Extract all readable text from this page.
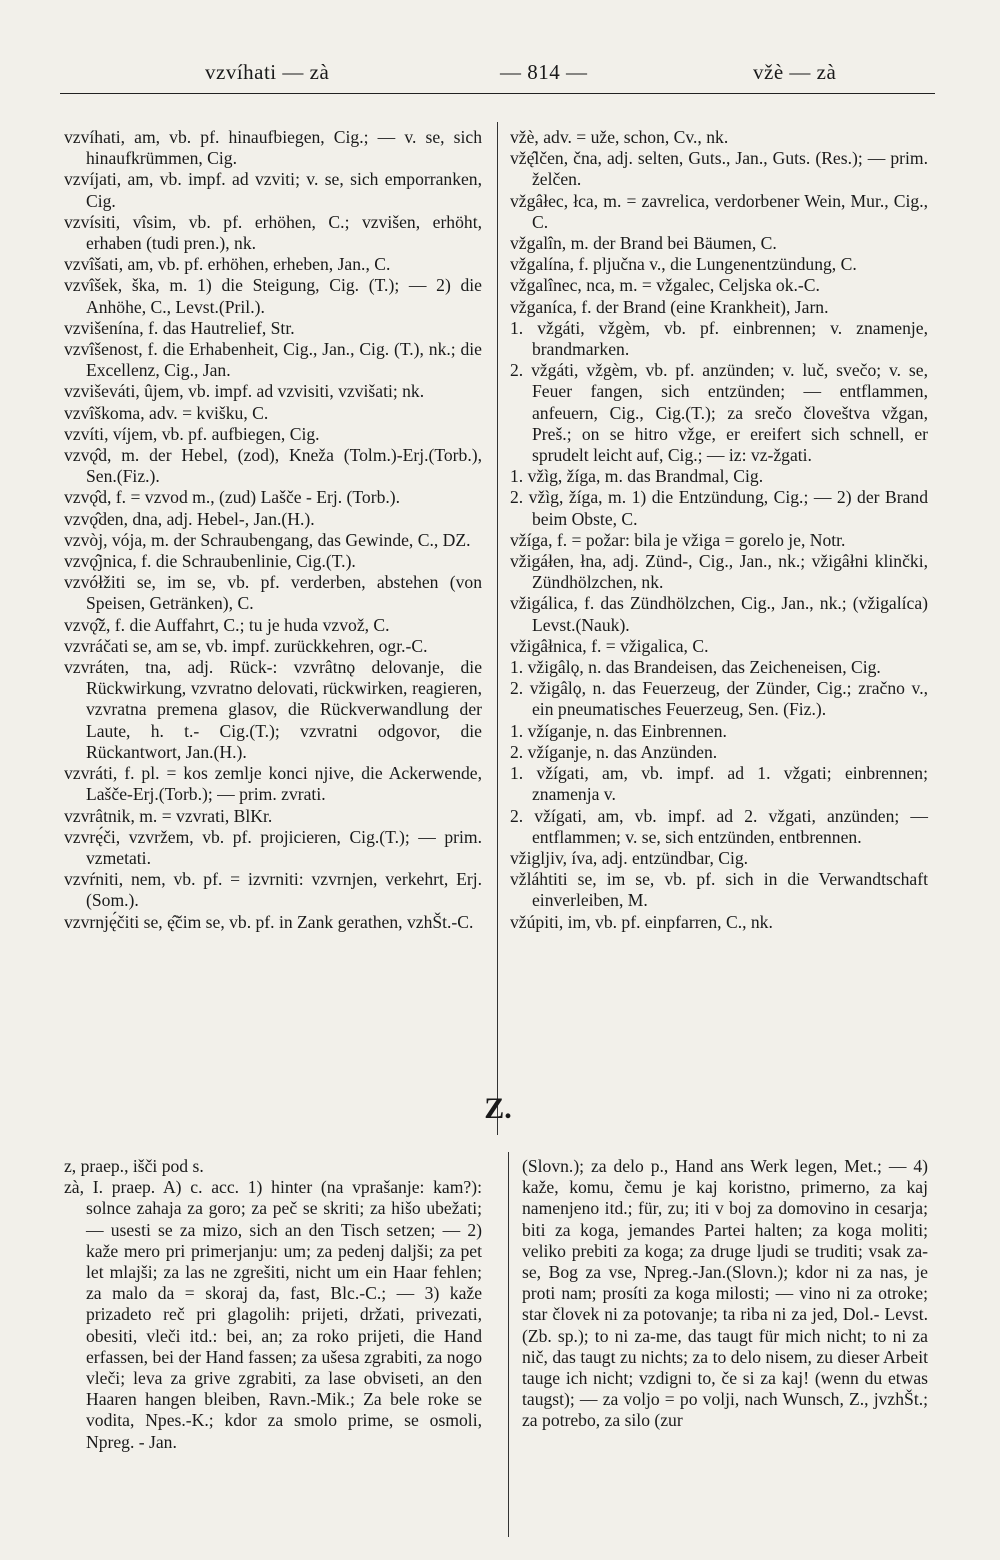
vzvíhati — zà	— 814 —	vžè — zà

vzvíhati, am, vb. pf. hinaufbiegen, Cig.; — v. se, sich hinaufkrümmen, Cig.

vzvíjati, am, vb. impf. ad vzviti; v. se, sich emporranken, Cig.

vzvísiti, vîsim, vb. pf. erhöhen, C.; vzvišen, erhöht, erhaben (tudi pren.), nk.

vzvîšati, am, vb. pf. erhöhen, erheben, Jan., C.

vzvîšek, ška, m. 1) die Steigung, Cig. (T.); — 2) die Anhöhe, C., Levst.(Pril.).

vzvišenína, f. das Hautrelief, Str.

vzvîšenost, f. die Erhabenheit, Cig., Jan., Cig. (T.), nk.; die Excellenz, Cig., Jan.

vzviševáti, ûjem, vb. impf. ad vzvisiti, vzvišati; nk.

vzvîškoma, adv. = kvišku, C.

vzvíti, víjem, vb. pf. aufbiegen, Cig.

vzvǫ̂d, m. der Hebel, (zod), Kneža (Tolm.)-Erj.(Torb.), Sen.(Fiz.).

vzvǫ̂d, f. = vzvod m., (zud) Lašče - Erj. (Torb.).

vzvǫ̂den, dna, adj. Hebel-, Jan.(H.).

vzvòj, vója, m. der Schraubengang, das Gewinde, C., DZ.

vzvǫ̂jnica, f. die Schraubenlinie, Cig.(T.).

vzvółžiti se, im se, vb. pf. verderben, abstehen (von Speisen, Getränken), C.

vzvǫ̂ž, f. die Auffahrt, C.; tu je huda vzvož, C.

vzvráčati se, am se, vb. impf. zurückkehren, ogr.-C.

vzvráten, tna, adj. Rück-: vzvrâtnǫ delovanje, die Rückwirkung, vzvratno delovati, rückwirken, reagieren, vzvratna premena glasov, die Rückverwandlung der Laute, h. t.- Cig.(T.); vzvratni odgovor, die Rückantwort, Jan.(H.).

vzvráti, f. pl. = kos zemlje konci njive, die Ackerwende, Lašče-Erj.(Torb.); — prim. zvrati.

vzvrâtnik, m. = vzvrati, BlKr.

vzvrę́či, vzvržem, vb. pf. projicieren, Cig.(T.); — prim. vzmetati.

vzvŕniti, nem, vb. pf. = izvrniti: vzvrnjen, verkehrt, Erj.(Som.).

vzvrnję́čiti se, ę̂čim se, vb. pf. in Zank gerathen, vzhŠt.-C.

vžè, adv. = uže, schon, Cv., nk.

vžę̂lčen, čna, adj. selten, Guts., Jan., Guts. (Res.); — prim. želčen.

vžgâłec, łca, m. = zavrelica, verdorbener Wein, Mur., Cig., C.

vžgalîn, m. der Brand bei Bäumen, C.

vžgalína, f. pljučna v., die Lungenentzündung, C.

vžgalînec, nca, m. = vžgalec, Celjska ok.-C.

vžganíca, f. der Brand (eine Krankheit), Jarn.

1. vžgáti, vžgèm, vb. pf. einbrennen; v. znamenje, brandmarken.

2. vžgáti, vžgèm, vb. pf. anzünden; v. luč, svečo; v. se, Feuer fangen, sich entzünden; — entflammen, anfeuern, Cig., Cig.(T.); za srečo človeštva vžgan, Preš.; on se hitro vžge, er ereifert sich schnell, er sprudelt leicht auf, Cig.; — iz: vz-žgati.

1. vžìg, žíga, m. das Brandmal, Cig.

2. vžìg, žíga, m. 1) die Entzündung, Cig.; — 2) der Brand beim Obste, C.

vžíga, f. = požar: bila je vžiga = gorelo je, Notr.

vžigáłen, łna, adj. Zünd-, Cig., Jan., nk.; vžigâłni klinčki, Zündhölzchen, nk.

vžigálica, f. das Zündhölzchen, Cig., Jan., nk.; (vžigalíca) Levst.(Nauk).

vžigâłnica, f. = vžigalica, C.

1. vžigâlǫ, n. das Brandeisen, das Zeicheneisen, Cig.

2. vžigâlǫ, n. das Feuerzeug, der Zünder, Cig.; zračno v., ein pneumatisches Feuerzeug, Sen. (Fiz.).

1. vžíganje, n. das Einbrennen.

2. vžíganje, n. das Anzünden.

1. vžígati, am, vb. impf. ad 1. vžgati; einbrennen; znamenja v.

2. vžígati, am, vb. impf. ad 2. vžgati, anzünden; — entflammen; v. se, sich entzünden, entbrennen.

vžigljiv, íva, adj. entzündbar, Cig.

vžláhtiti se, im se, vb. pf. sich in die Verwandtschaft einverleiben, M.

vžúpiti, im, vb. pf. einpfarren, C., nk.

Z.

z, praep., išči pod s.

zà, I. praep. A) c. acc. 1) hinter (na vprašanje: kam?): solnce zahaja za goro; za peč se skriti; za hišo ubežati; — usesti se za mizo, sich an den Tisch setzen; — 2) kaže mero pri primerjanju: um; za pedenj daljši; za pet let mlajši; za las ne zgrešiti, nicht um ein Haar fehlen; za malo da = skoraj da, fast, Blc.-C.; — 3) kaže prizadeto reč pri glagolih: prijeti, držati, privezati, obesiti, vleči itd.: bei, an; za roko prijeti, die Hand erfassen, bei der Hand fassen; za ušesa zgrabiti, za nogo vleči; leva za grive zgrabiti, za lase obviseti, an den Haaren hangen bleiben, Ravn.-Mik.; Za bele roke se vodita, Npes.-K.; kdor za smolo prime, se osmoli, Npreg. - Jan.

(Slovn.); za delo p., Hand ans Werk legen, Met.; — 4) kaže, komu, čemu je kaj koristno, primerno, za kaj namenjeno itd.; für, zu; iti v boj za domovino in cesarja; biti za koga, jemandes Partei halten; za koga moliti; veliko prebiti za koga; za druge ljudi se truditi; vsak za-se, Bog za vse, Npreg.-Jan.(Slovn.); kdor ni za nas, je proti nam; prosíti za koga milosti; — vino ni za otroke; star človek ni za potovanje; ta riba ni za jed, Dol.- Levst.(Zb. sp.); to ni za-me, das taugt für mich nicht; to ni za nič, das taugt zu nichts; za to delo nisem, zu dieser Arbeit tauge ich nicht; vzdigni to, če si za kaj! (wenn du etwas taugst); — za voljo = po volji, nach Wunsch, Z., jvzhŠt.; za potrebo, za silo (zur
